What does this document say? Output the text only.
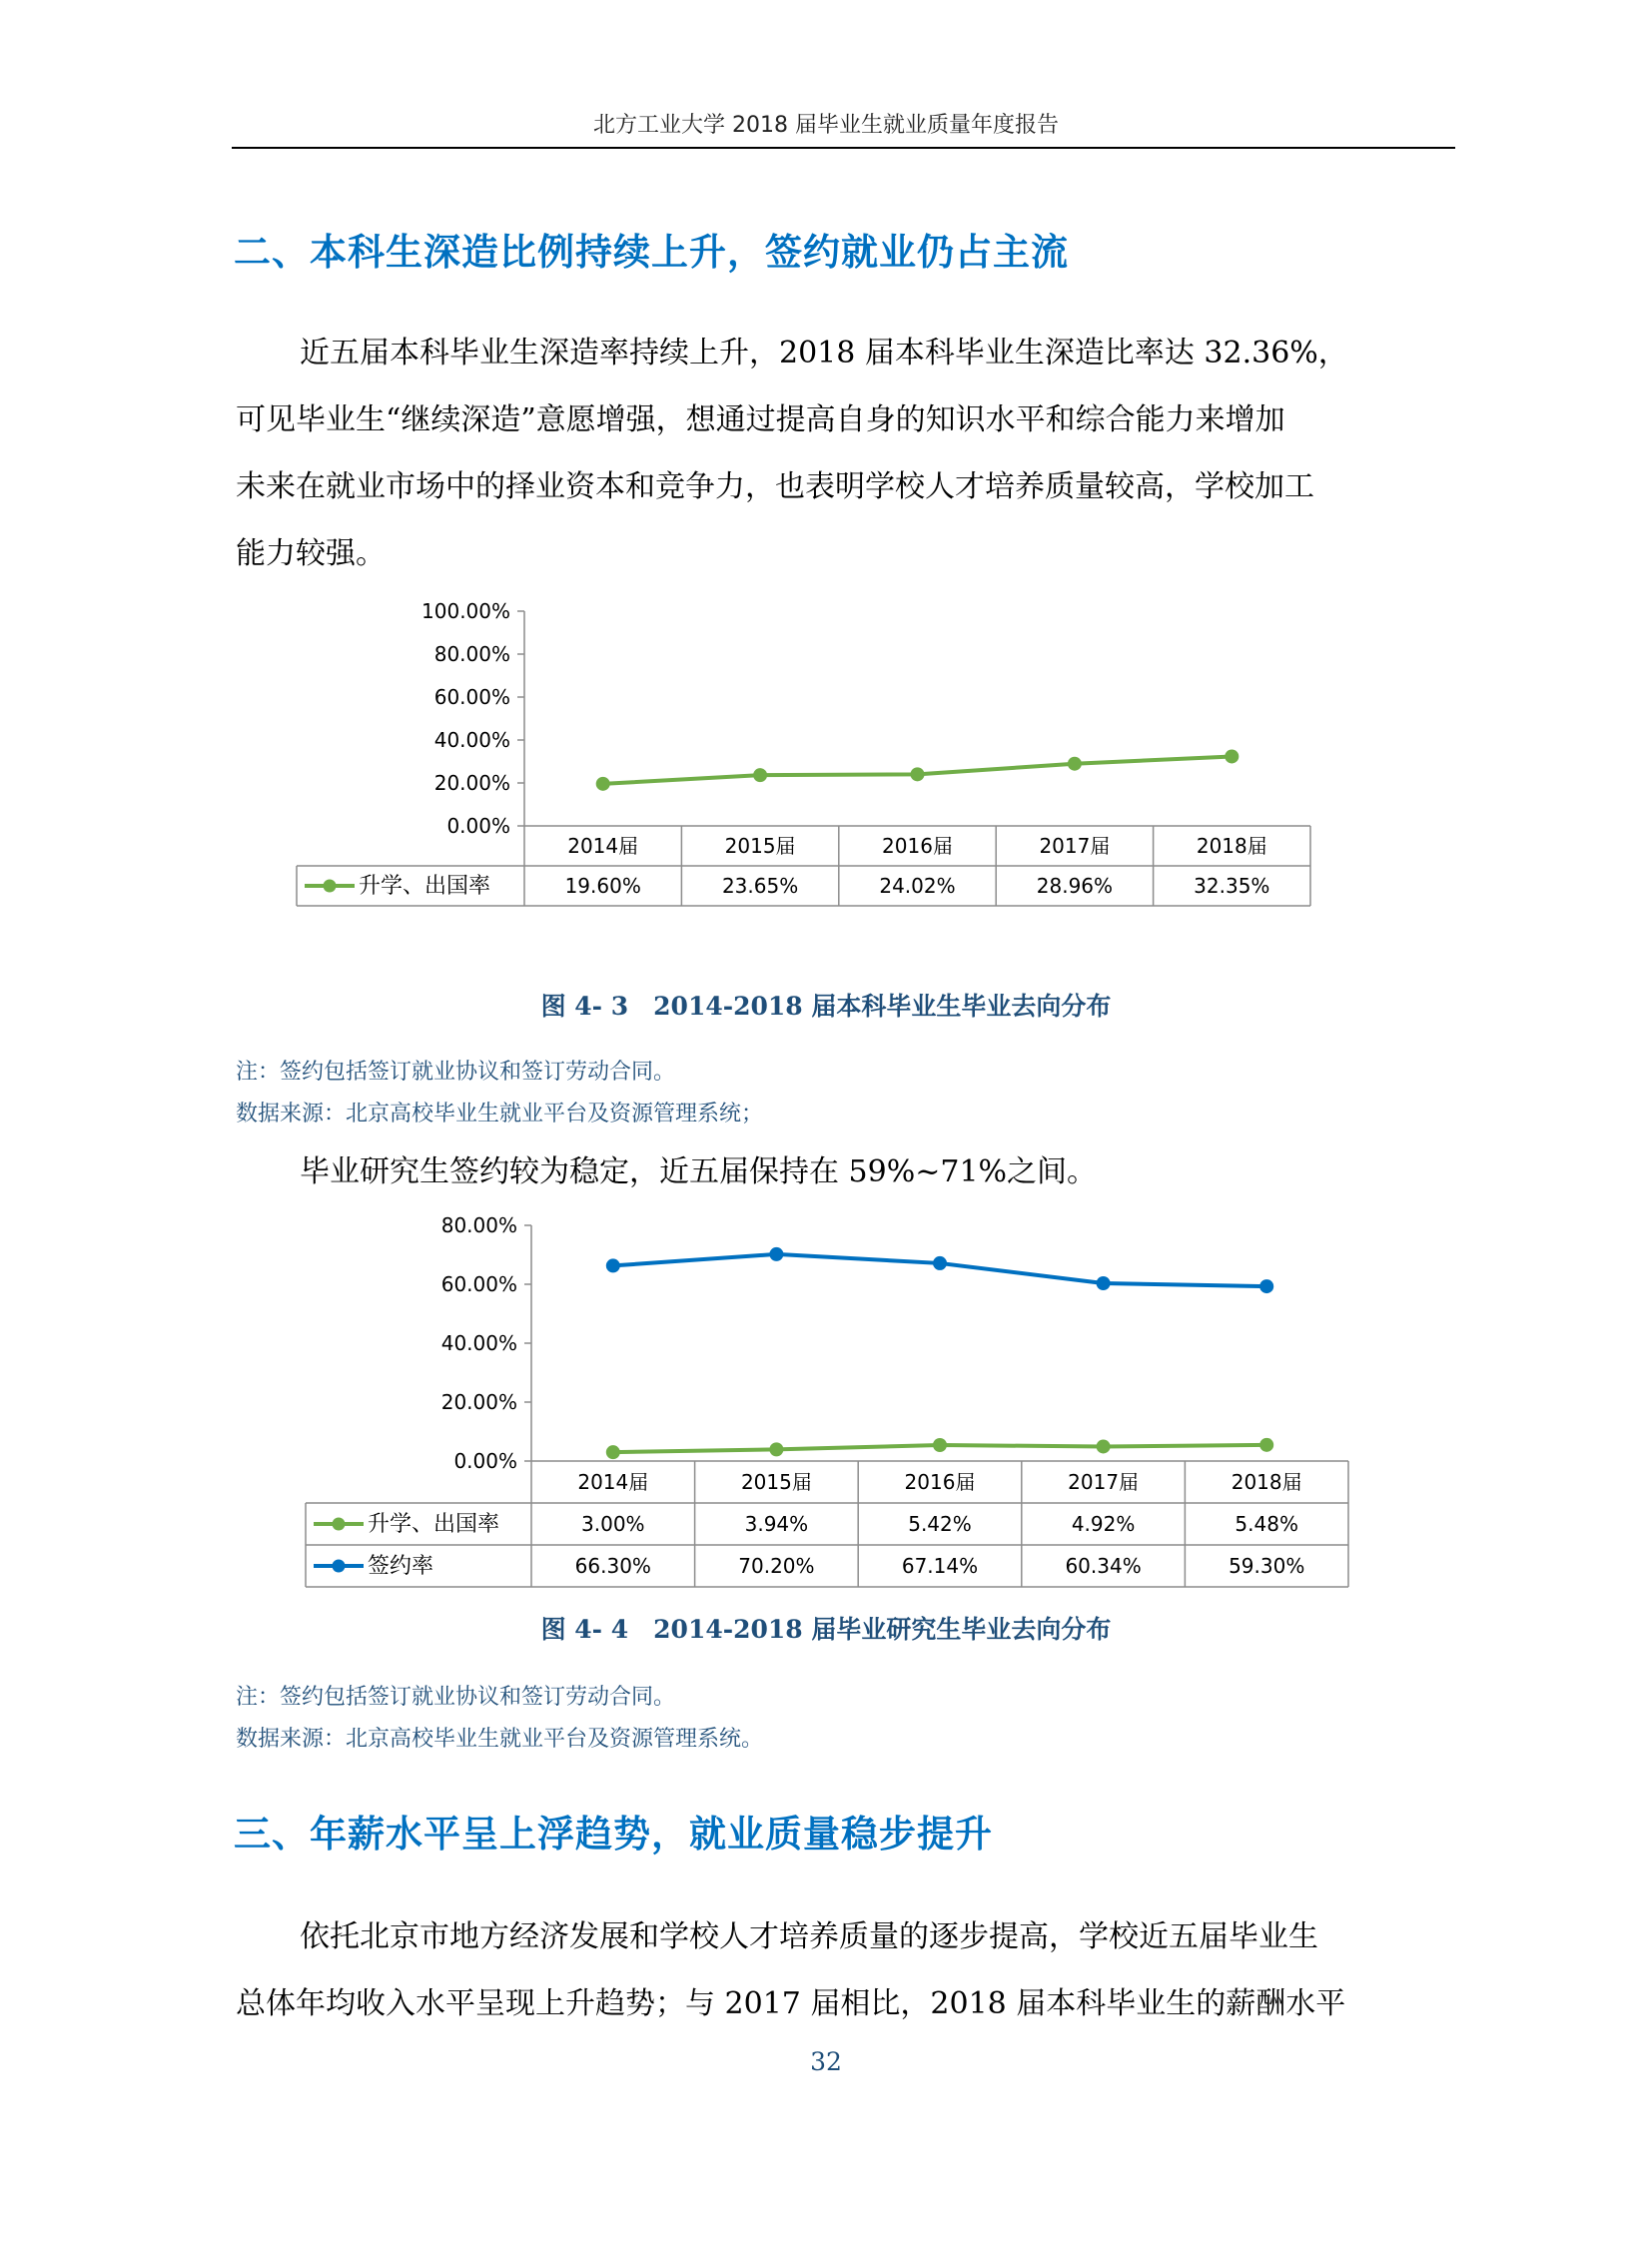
北方工业大学 2018 届毕业生就业质量年度报告
二、本科生深造比例持续上升，签约就业仍占主流
近五届本科毕业生深造率持续上升，2018 届本科毕业生深造比率达 32.36%，
可见毕业生“继续深造”意愿增强，想通过提高自身的知识水平和综合能力来增加
未来在就业市场中的择业资本和竞争力，也表明学校人才培养质量较高，学校加工
能力较强。
0.00%
20.00%
40.00%
60.00%
80.00%
100.00%
2014届	2015届	2016届	2017届	2018届
升学、出国率	19.60%	23.65%	24.02%	28.96%	32.35%
图 4- 3　2014-2018 届本科毕业生毕业去向分布
注：签约包括签订就业协议和签订劳动合同。
数据来源：北京高校毕业生就业平台及资源管理系统；
毕业研究生签约较为稳定，近五届保持在 59%~71%之间。
0.00%
20.00%
40.00%
60.00%
80.00%
2014届	2015届	2016届	2017届	2018届
升学、出国率	3.00%	3.94%	5.42%	4.92%	5.48%
签约率	66.30%	70.20%	67.14%	60.34%	59.30%
图 4- 4　2014-2018 届毕业研究生毕业去向分布
注：签约包括签订就业协议和签订劳动合同。
数据来源：北京高校毕业生就业平台及资源管理系统。
三、年薪水平呈上浮趋势，就业质量稳步提升
依托北京市地方经济发展和学校人才培养质量的逐步提高，学校近五届毕业生
总体年均收入水平呈现上升趋势；与 2017 届相比，2018 届本科毕业生的薪酬水平
32
